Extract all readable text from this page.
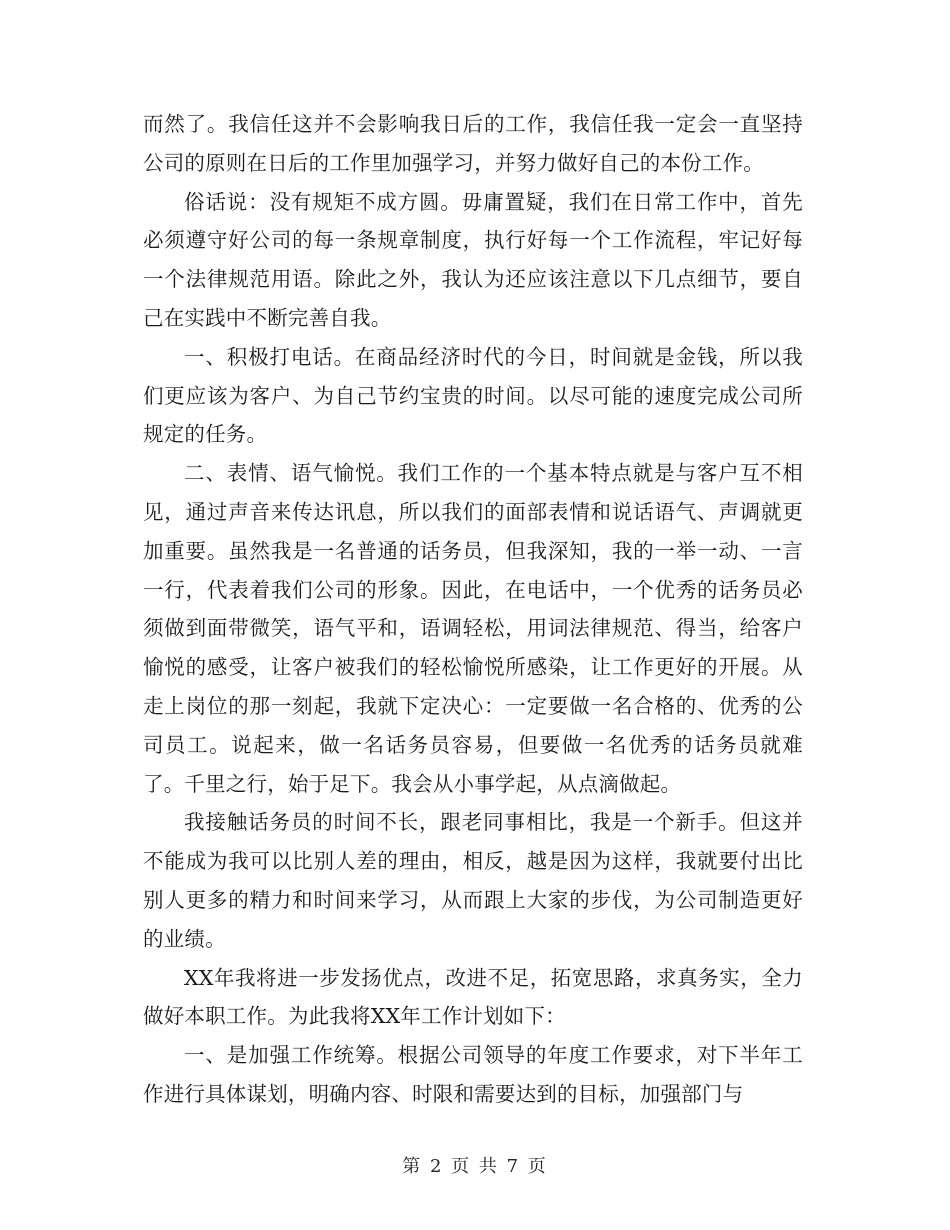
而然了。我信任这并不会影响我日后的工作，我信任我一定会一直坚持公司的原则在日后的工作里加强学习，并努力做好自己的本份工作。

俗话说：没有规矩不成方圆。毋庸置疑，我们在日常工作中，首先必须遵守好公司的每一条规章制度，执行好每一个工作流程，牢记好每一个法律规范用语。除此之外，我认为还应该注意以下几点细节，要自己在实践中不断完善自我。

一、积极打电话。在商品经济时代的今日，时间就是金钱，所以我们更应该为客户、为自己节约宝贵的时间。以尽可能的速度完成公司所规定的任务。

二、表情、语气愉悦。我们工作的一个基本特点就是与客户互不相见，通过声音来传达讯息，所以我们的面部表情和说话语气、声调就更加重要。虽然我是一名普通的话务员，但我深知，我的一举一动、一言一行，代表着我们公司的形象。因此，在电话中，一个优秀的话务员必须做到面带微笑，语气平和，语调轻松，用词法律规范、得当，给客户愉悦的感受，让客户被我们的轻松愉悦所感染，让工作更好的开展。从走上岗位的那一刻起，我就下定决心：一定要做一名合格的、优秀的公司员工。说起来，做一名话务员容易，但要做一名优秀的话务员就难了。千里之行，始于足下。我会从小事学起，从点滴做起。

我接触话务员的时间不长，跟老同事相比，我是一个新手。但这并不能成为我可以比别人差的理由，相反，越是因为这样，我就要付出比别人更多的精力和时间来学习，从而跟上大家的步伐，为公司制造更好的业绩。

XX年我将进一步发扬优点，改进不足，拓宽思路，求真务实，全力做好本职工作。为此我将XX年工作计划如下：

一、是加强工作统筹。根据公司领导的年度工作要求，对下半年工作进行具体谋划，明确内容、时限和需要达到的目标，加强部门与

第 2 页 共 7 页
